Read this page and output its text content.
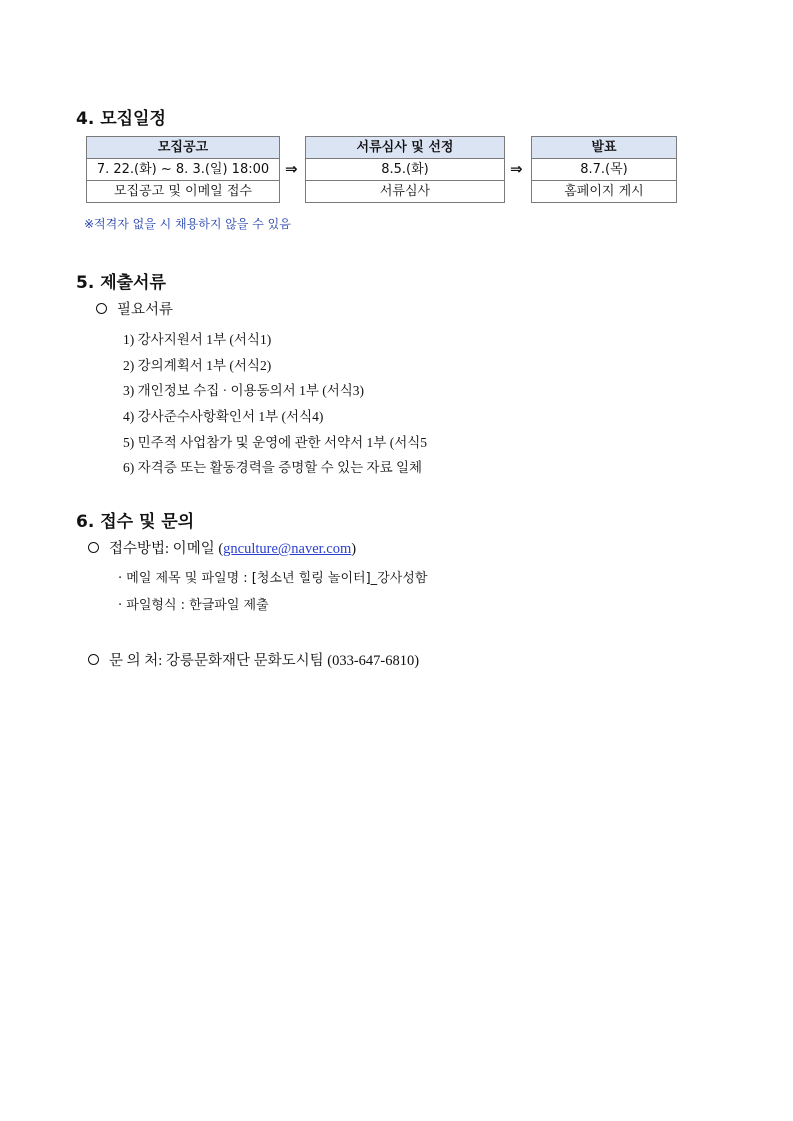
4. 모집일정
모집공고
7. 22.(화) ~ 8. 3.(일) 18:00
모집공고 및 이메일 접수
⇒
서류심사 및 선정
8.5.(화)
서류심사
⇒
발표
8.7.(목)
홈페이지 게시
※적격자 없을 시 채용하지 않을 수 있음
5. 제출서류
필요서류
1) 강사지원서 1부 (서식1)
2) 강의계획서 1부 (서식2)
3) 개인정보 수집 · 이용동의서 1부 (서식3)
4) 강사준수사항확인서 1부 (서식4)
5) 민주적 사업참가 및 운영에 관한 서약서 1부 (서식5
6) 자격증 또는 활동경력을 증명할 수 있는 자료 일체
6. 접수 및 문의
접수방법: 이메일 (gnculture@naver.com)
· 메일 제목 및 파일명 : [청소년 힐링 놀이터]_강사성함
· 파일형식 : 한글파일 제출
문 의 처: 강릉문화재단 문화도시팀 (033-647-6810)
